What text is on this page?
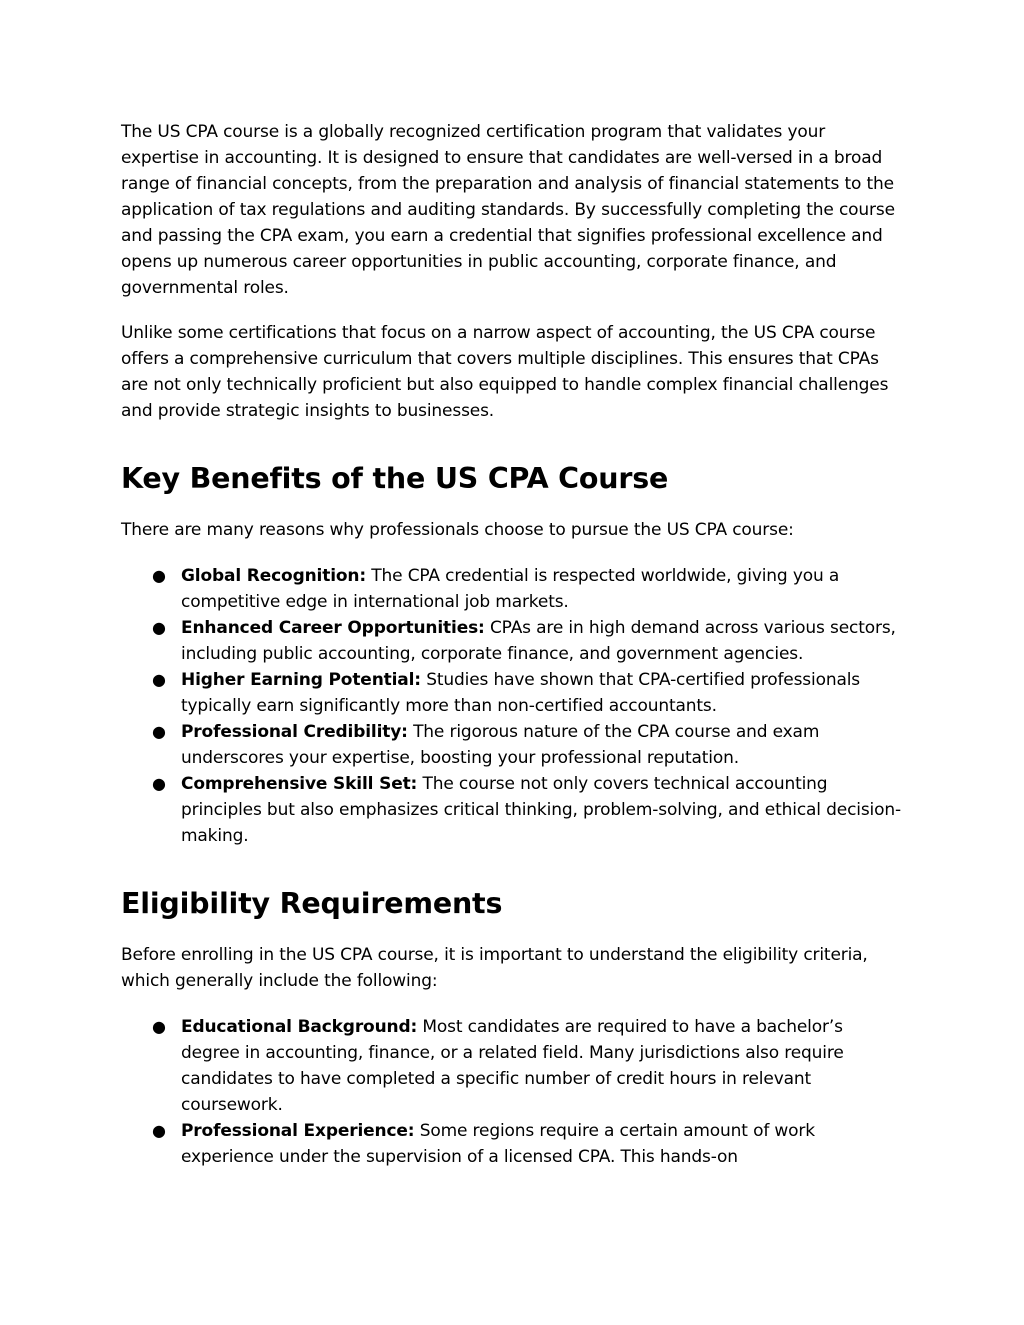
The US CPA course is a globally recognized certification program that validates your expertise in accounting. It is designed to ensure that candidates are well-versed in a broad range of financial concepts, from the preparation and analysis of financial statements to the application of tax regulations and auditing standards. By successfully completing the course and passing the CPA exam, you earn a credential that signifies professional excellence and opens up numerous career opportunities in public accounting, corporate finance, and governmental roles.

Unlike some certifications that focus on a narrow aspect of accounting, the US CPA course offers a comprehensive curriculum that covers multiple disciplines. This ensures that CPAs are not only technically proficient but also equipped to handle complex financial challenges and provide strategic insights to businesses.

Key Benefits of the US CPA Course

There are many reasons why professionals choose to pursue the US CPA course:

● Global Recognition: The CPA credential is respected worldwide, giving you a competitive edge in international job markets.
● Enhanced Career Opportunities: CPAs are in high demand across various sectors, including public accounting, corporate finance, and government agencies.
● Higher Earning Potential: Studies have shown that CPA-certified professionals typically earn significantly more than non-certified accountants.
● Professional Credibility: The rigorous nature of the CPA course and exam underscores your expertise, boosting your professional reputation.
● Comprehensive Skill Set: The course not only covers technical accounting principles but also emphasizes critical thinking, problem-solving, and ethical decision-making.
Eligibility Requirements

Before enrolling in the US CPA course, it is important to understand the eligibility criteria, which generally include the following:

● Educational Background: Most candidates are required to have a bachelor’s degree in accounting, finance, or a related field. Many jurisdictions also require candidates to have completed a specific number of credit hours in relevant coursework.
● Professional Experience: Some regions require a certain amount of work experience under the supervision of a licensed CPA. This hands-on
